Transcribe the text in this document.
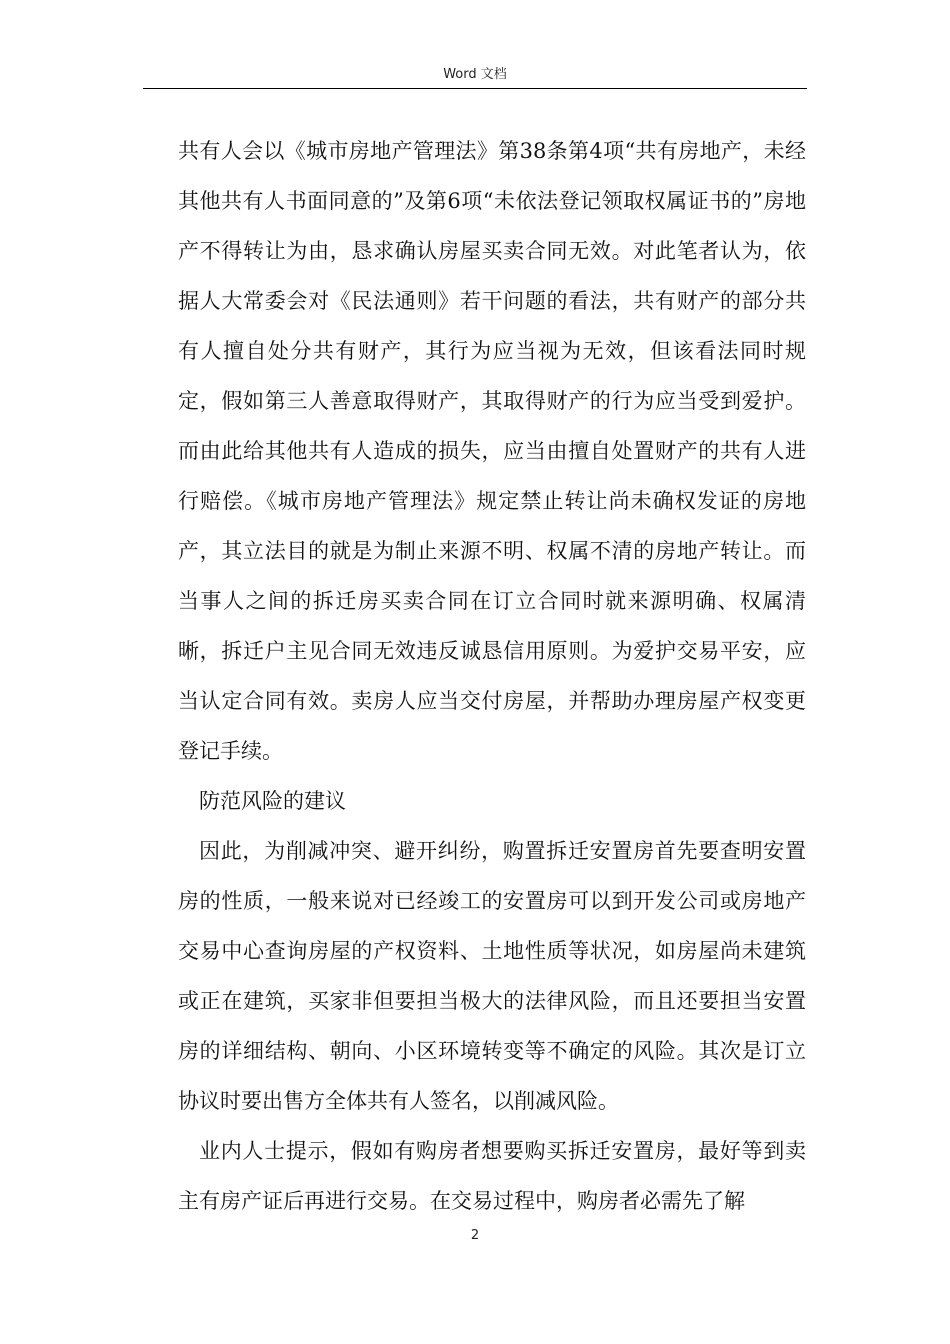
Word 文档

共有人会以《城市房地产管理法》第38条第4项“共有房地产，未经其他共有人书面同意的”及第6项“未依法登记领取权属证书的”房地产不得转让为由，恳求确认房屋买卖合同无效。对此笔者认为，依据人大常委会对《民法通则》若干问题的看法，共有财产的部分共有人擅自处分共有财产，其行为应当视为无效，但该看法同时规定，假如第三人善意取得财产，其取得财产的行为应当受到爱护。而由此给其他共有人造成的损失，应当由擅自处置财产的共有人进行赔偿。《城市房地产管理法》规定禁止转让尚未确权发证的房地产，其立法目的就是为制止来源不明、权属不清的房地产转让。而当事人之间的拆迁房买卖合同在订立合同时就来源明确、权属清晰，拆迁户主见合同无效违反诚恳信用原则。为爱护交易平安，应当认定合同有效。卖房人应当交付房屋，并帮助办理房屋产权变更登记手续。

防范风险的建议

因此，为削减冲突、避开纠纷，购置拆迁安置房首先要查明安置房的性质，一般来说对已经竣工的安置房可以到开发公司或房地产交易中心查询房屋的产权资料、土地性质等状况，如房屋尚未建筑或正在建筑，买家非但要担当极大的法律风险，而且还要担当安置房的详细结构、朝向、小区环境转变等不确定的风险。其次是订立协议时要出售方全体共有人签名，以削减风险。

业内人士提示，假如有购房者想要购买拆迁安置房，最好等到卖主有房产证后再进行交易。在交易过程中，购房者必需先了解

2
